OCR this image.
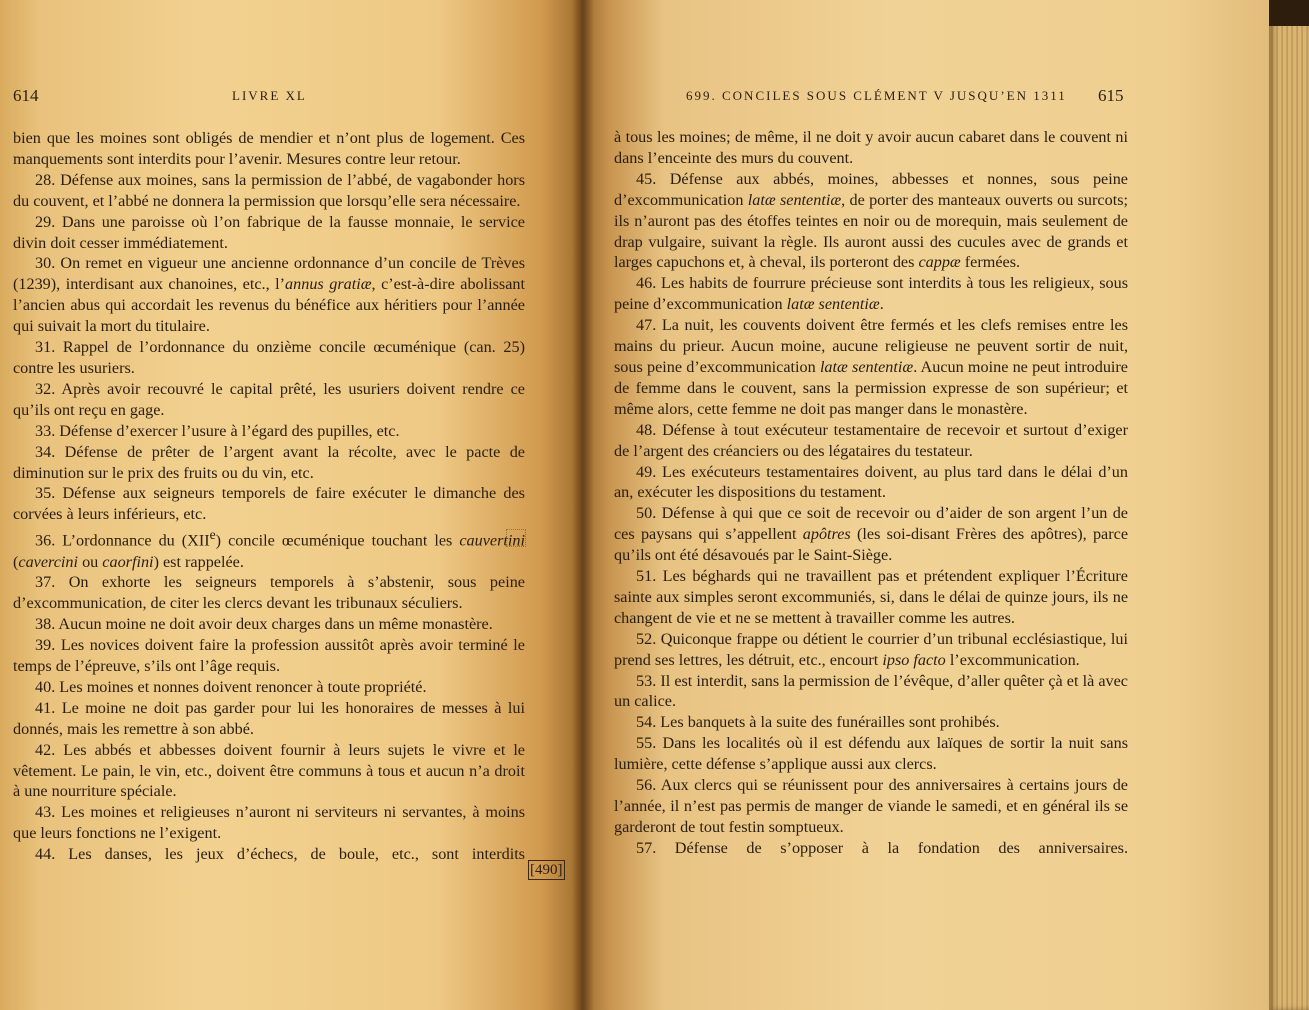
614	LIVRE XL

bien que les moines sont obligés de mendier et n’ont plus de logement. Ces manquements sont interdits pour l’avenir. Mesures contre leur retour.

28. Défense aux moines, sans la permission de l’abbé, de vagabonder hors du couvent, et l’abbé ne donnera la permission que lorsqu’elle sera nécessaire.

29. Dans une paroisse où l’on fabrique de la fausse monnaie, le service divin doit cesser immédiatement.

30. On remet en vigueur une ancienne ordonnance d’un concile de Trèves (1239), interdisant aux chanoines, etc., l’annus gratiæ, c’est-à-dire abolissant l’ancien abus qui accordait les revenus du bénéfice aux héritiers pour l’année qui suivait la mort du titulaire.

31. Rappel de l’ordonnance du onzième concile œcuménique (can. 25) contre les usuriers.

32. Après avoir recouvré le capital prêté, les usuriers doivent rendre ce qu’ils ont reçu en gage.

33. Défense d’exercer l’usure à l’égard des pupilles, etc.

34. Défense de prêter de l’argent avant la récolte, avec le pacte de diminution sur le prix des fruits ou du vin, etc.

35. Défense aux seigneurs temporels de faire exécuter le dimanche des corvées à leurs inférieurs, etc.

36. L’ordonnance du (XIIe) concile œcuménique touchant les cauvertini (cavercini ou caorfini) est rappelée.

37. On exhorte les seigneurs temporels à s’abstenir, sous peine d’excommunication, de citer les clercs devant les tribunaux séculiers.

38. Aucun moine ne doit avoir deux charges dans un même monastère.

39. Les novices doivent faire la profession aussitôt après avoir terminé le temps de l’épreuve, s’ils ont l’âge requis.

40. Les moines et nonnes doivent renoncer à toute propriété.

41. Le moine ne doit pas garder pour lui les honoraires de messes à lui donnés, mais les remettre à son abbé.

42. Les abbés et abbesses doivent fournir à leurs sujets le vivre et le vêtement. Le pain, le vin, etc., doivent être communs à tous et aucun n’a droit à une nourriture spéciale.

43. Les moines et religieuses n’auront ni serviteurs ni servantes, à moins que leurs fonctions ne l’exigent.

44. Les danses, les jeux d’échecs, de boule, etc., sont interdits

699. CONCILES SOUS CLÉMENT V JUSQU’EN 1311 615

à tous les moines; de même, il ne doit y avoir aucun cabaret dans le couvent ni dans l’enceinte des murs du couvent.

45. Défense aux abbés, moines, abbesses et nonnes, sous peine d’excommunication latæ sententiæ, de porter des manteaux ouverts ou surcots; ils n’auront pas des étoffes teintes en noir ou de morequin, mais seulement de drap vulgaire, suivant la règle. Ils auront aussi des cucules avec de grands et larges capuchons et, à cheval, ils porteront des cappæ fermées.

46. Les habits de fourrure précieuse sont interdits à tous les religieux, sous peine d’excommunication latæ sententiæ.

47. La nuit, les couvents doivent être fermés et les clefs remises entre les mains du prieur. Aucun moine, aucune religieuse ne peuvent sortir de nuit, sous peine d’excommunication latæ sententiæ. Aucun moine ne peut introduire de femme dans le couvent, sans la permission expresse de son supérieur; et même alors, cette femme ne doit pas manger dans le monastère.

48. Défense à tout exécuteur testamentaire de recevoir et surtout d’exiger de l’argent des créanciers ou des légataires du testateur.

49. Les exécuteurs testamentaires doivent, au plus tard dans le délai d’un an, exécuter les dispositions du testament.

50. Défense à qui que ce soit de recevoir ou d’aider de son argent l’un de ces paysans qui s’appellent apôtres (les soi-disant Frères des apôtres), parce qu’ils ont été désavoués par le Saint-Siège.

51. Les béghards qui ne travaillent pas et prétendent expliquer l’Écriture sainte aux simples seront excommuniés, si, dans le délai de quinze jours, ils ne changent de vie et ne se mettent à travailler comme les autres.

52. Quiconque frappe ou détient le courrier d’un tribunal ecclésiastique, lui prend ses lettres, les détruit, etc., encourt ipso facto l’excommunication.

53. Il est interdit, sans la permission de l’évêque, d’aller quêter çà et là avec un calice.

54. Les banquets à la suite des funérailles sont prohibés.

55. Dans les localités où il est défendu aux laïques de sortir la nuit sans lumière, cette défense s’applique aussi aux clercs.

56. Aux clercs qui se réunissent pour des anniversaires à certains jours de l’année, il n’est pas permis de manger de viande le samedi, et en général ils se garderont de tout festin somptueux.

57. Défense de s’opposer à la fondation des anniversaires.

[490]
